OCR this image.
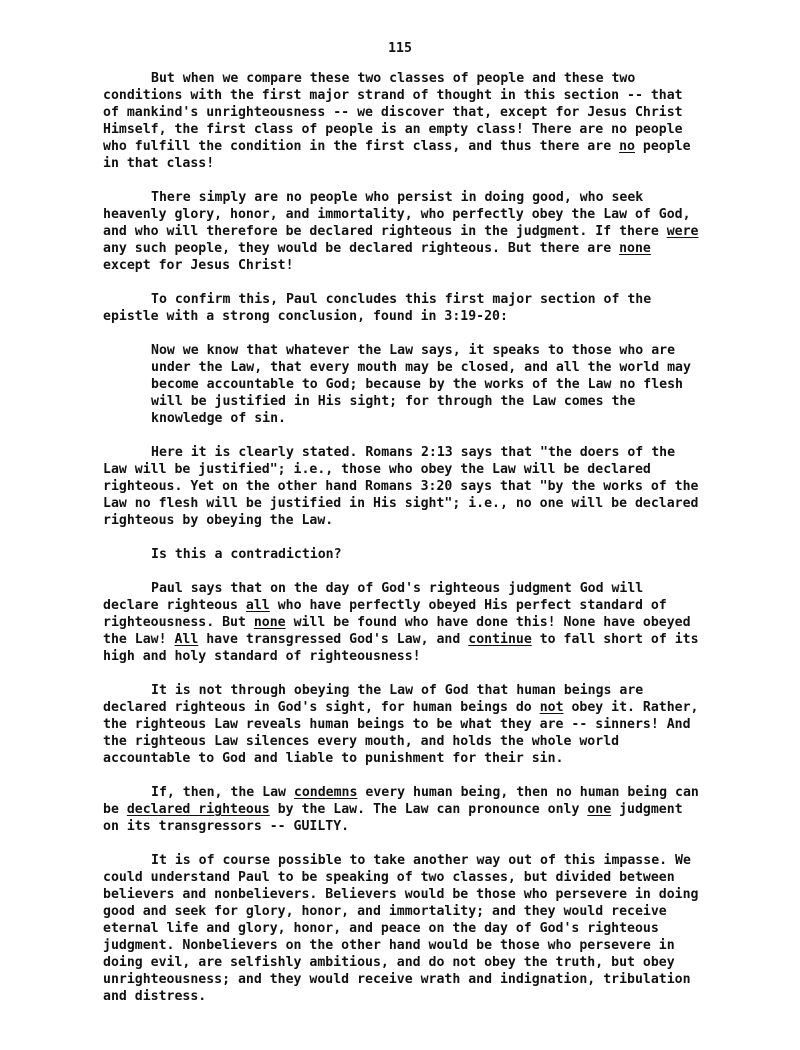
115

But when we compare these two classes of people and these two conditions with the first major strand of thought in this section -- that of mankind's unrighteousness -- we discover that, except for Jesus Christ Himself, the first class of people is an empty class! There are no people who fulfill the condition in the first class, and thus there are no people in that class!

There simply are no people who persist in doing good, who seek heavenly glory, honor, and immortality, who perfectly obey the Law of God, and who will therefore be declared righteous in the judgment. If there were any such people, they would be declared righteous. But there are none except for Jesus Christ!

To confirm this, Paul concludes this first major section of the epistle with a strong conclusion, found in 3:19-20:

Now we know that whatever the Law says, it speaks to those who are under the Law, that every mouth may be closed, and all the world may become accountable to God; because by the works of the Law no flesh will be justified in His sight; for through the Law comes the knowledge of sin.

Here it is clearly stated. Romans 2:13 says that "the doers of the Law will be justified"; i.e., those who obey the Law will be declared righteous. Yet on the other hand Romans 3:20 says that "by the works of the Law no flesh will be justified in His sight"; i.e., no one will be declared righteous by obeying the Law.

Is this a contradiction?

Paul says that on the day of God's righteous judgment God will declare righteous all who have perfectly obeyed His perfect standard of righteousness. But none will be found who have done this! None have obeyed the Law! All have transgressed God's Law, and continue to fall short of its high and holy standard of righteousness!

It is not through obeying the Law of God that human beings are declared righteous in God's sight, for human beings do not obey it. Rather, the righteous Law reveals human beings to be what they are -- sinners! And the righteous Law silences every mouth, and holds the whole world accountable to God and liable to punishment for their sin.

If, then, the Law condemns every human being, then no human being can be declared righteous by the Law. The Law can pronounce only one judgment on its transgressors -- GUILTY.

It is of course possible to take another way out of this impasse. We could understand Paul to be speaking of two classes, but divided between believers and nonbelievers. Believers would be those who persevere in doing good and seek for glory, honor, and immortality; and they would receive eternal life and glory, honor, and peace on the day of God's righteous judgment. Nonbelievers on the other hand would be those who persevere in doing evil, are selfishly ambitious, and do not obey the truth, but obey unrighteousness; and they would receive wrath and indignation, tribulation and distress.
